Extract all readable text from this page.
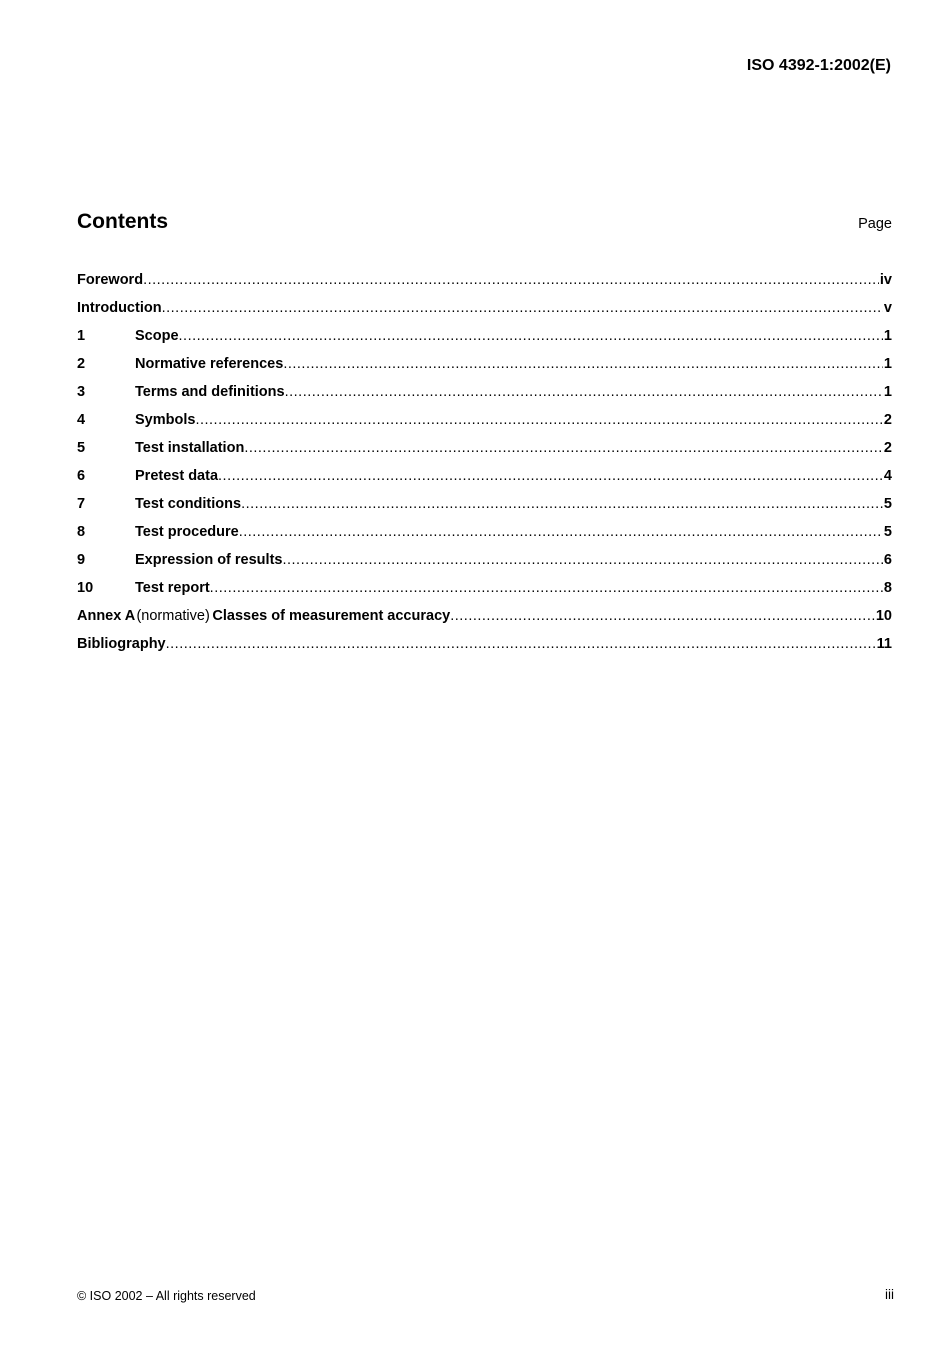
ISO 4392-1:2002(E)
Contents	Page
Foreword .....	iv
Introduction .....	v
1	Scope .....	1
2	Normative references .....	1
3	Terms and definitions .....	1
4	Symbols .....	2
5	Test installation .....	2
6	Pretest data .....	4
7	Test conditions .....	5
8	Test procedure .....	5
9	Expression of results .....	6
10	Test report .....	8
Annex A (normative) Classes of measurement accuracy .....	10
Bibliography .....	11
© ISO 2002 – All rights reserved	iii
